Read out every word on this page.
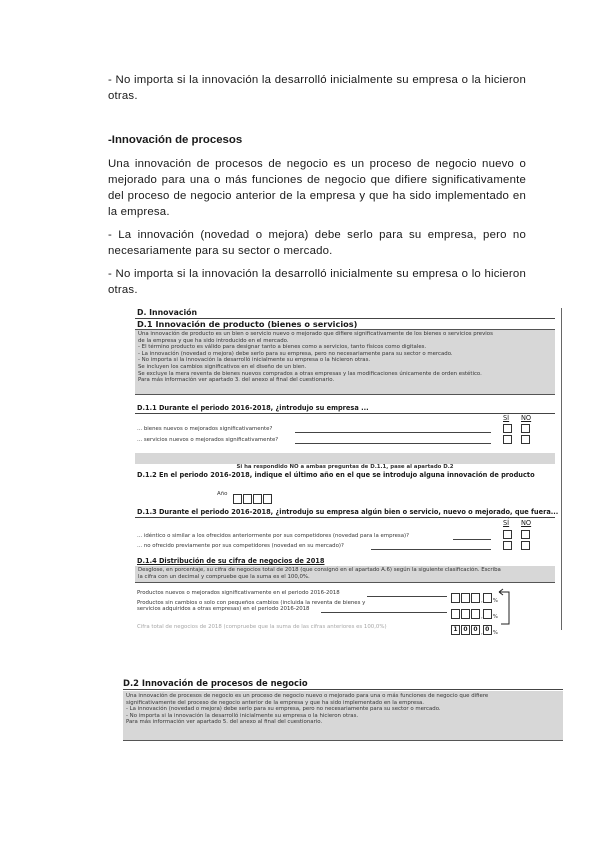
- No importa si la innovación la desarrolló inicialmente su empresa o la hicieron otras.
-Innovación de procesos
Una innovación de procesos de negocio es un proceso de negocio nuevo o mejorado para una o más funciones de negocio que difiere significativamente del proceso de negocio anterior de la empresa y que ha sido implementado en la empresa.
- La innovación (novedad o mejora) debe serlo para su empresa, pero no necesariamente para su sector o mercado.
- No importa si la innovación la desarrolló inicialmente su empresa o lo hicieron otras.
D. Innovación
D.1 Innovación de producto (bienes o servicios)
Una innovación de producto es un bien o servicio nuevo o mejorado que difiere significativamente de los bienes o servicios previos
de la empresa y que ha sido introducido en el mercado.
- El término producto es válido para designar tanto a bienes como a servicios, tanto físicos como digitales.
- La innovación (novedad o mejora) debe serlo para su empresa, pero no necesariamente para su sector o mercado.
- No importa si la innovación la desarrolló inicialmente su empresa o la hicieron otras.
Se incluyen los cambios significativos en el diseño de un bien.
Se excluye la mera reventa de bienes nuevos comprados a otras empresas y las modificaciones únicamente de orden estético.
Para más información ver apartado 3. del anexo al final del cuestionario.
D.1.1 Durante el periodo 2016-2018, ¿introdujo su empresa ...
SÍ NO
... bienes nuevos o mejorados significativamente?
... servicios nuevos o mejorados significativamente?
Si ha respondido NO a ambas preguntas de D.1.1, pase al apartado D.2
D.1.2 En el periodo 2016-2018, indique el último año en el que se introdujo alguna innovación de producto
Año
D.1.3 Durante el periodo 2016-2018, ¿introdujo su empresa algún bien o servicio, nuevo o mejorado, que fuera...
SÍ NO
... idéntico o similar a los ofrecidos anteriormente por sus competidores (novedad para la empresa)?
... no ofrecido previamente por sus competidores (novedad en su mercado)?
D.1.4 Distribución de su cifra de negocios de 2018
Desglose, en porcentaje, su cifra de negocios total de 2018 (que consignó en el apartado A.6) según la siguiente clasificación. Escriba
la cifra con un decimal y compruebe que la suma es el 100,0%.
Productos nuevos o mejorados significativamente en el periodo 2016-2018
%
Productos sin cambios o solo con pequeños cambios (incluida la reventa de bienes y
servicios adquiridos a otras empresas) en el periodo 2016-2018
%
Cifra total de negocios de 2018 (compruebe que la suma de las cifras anteriores es 100,0%)	1 0 0 0%
D.2 Innovación de procesos de negocio
Una innovación de procesos de negocio es un proceso de negocio nuevo o mejorado para una o más funciones de negocio que difiere
significativamente del proceso de negocio anterior de la empresa y que ha sido implementado en la empresa.
- La innovación (novedad o mejora) debe serlo para su empresa, pero no necesariamente para su sector o mercado.
- No importa si la innovación la desarrolló inicialmente su empresa o la hicieron otras.
Para más información ver apartado 5. del anexo al final del cuestionario.
